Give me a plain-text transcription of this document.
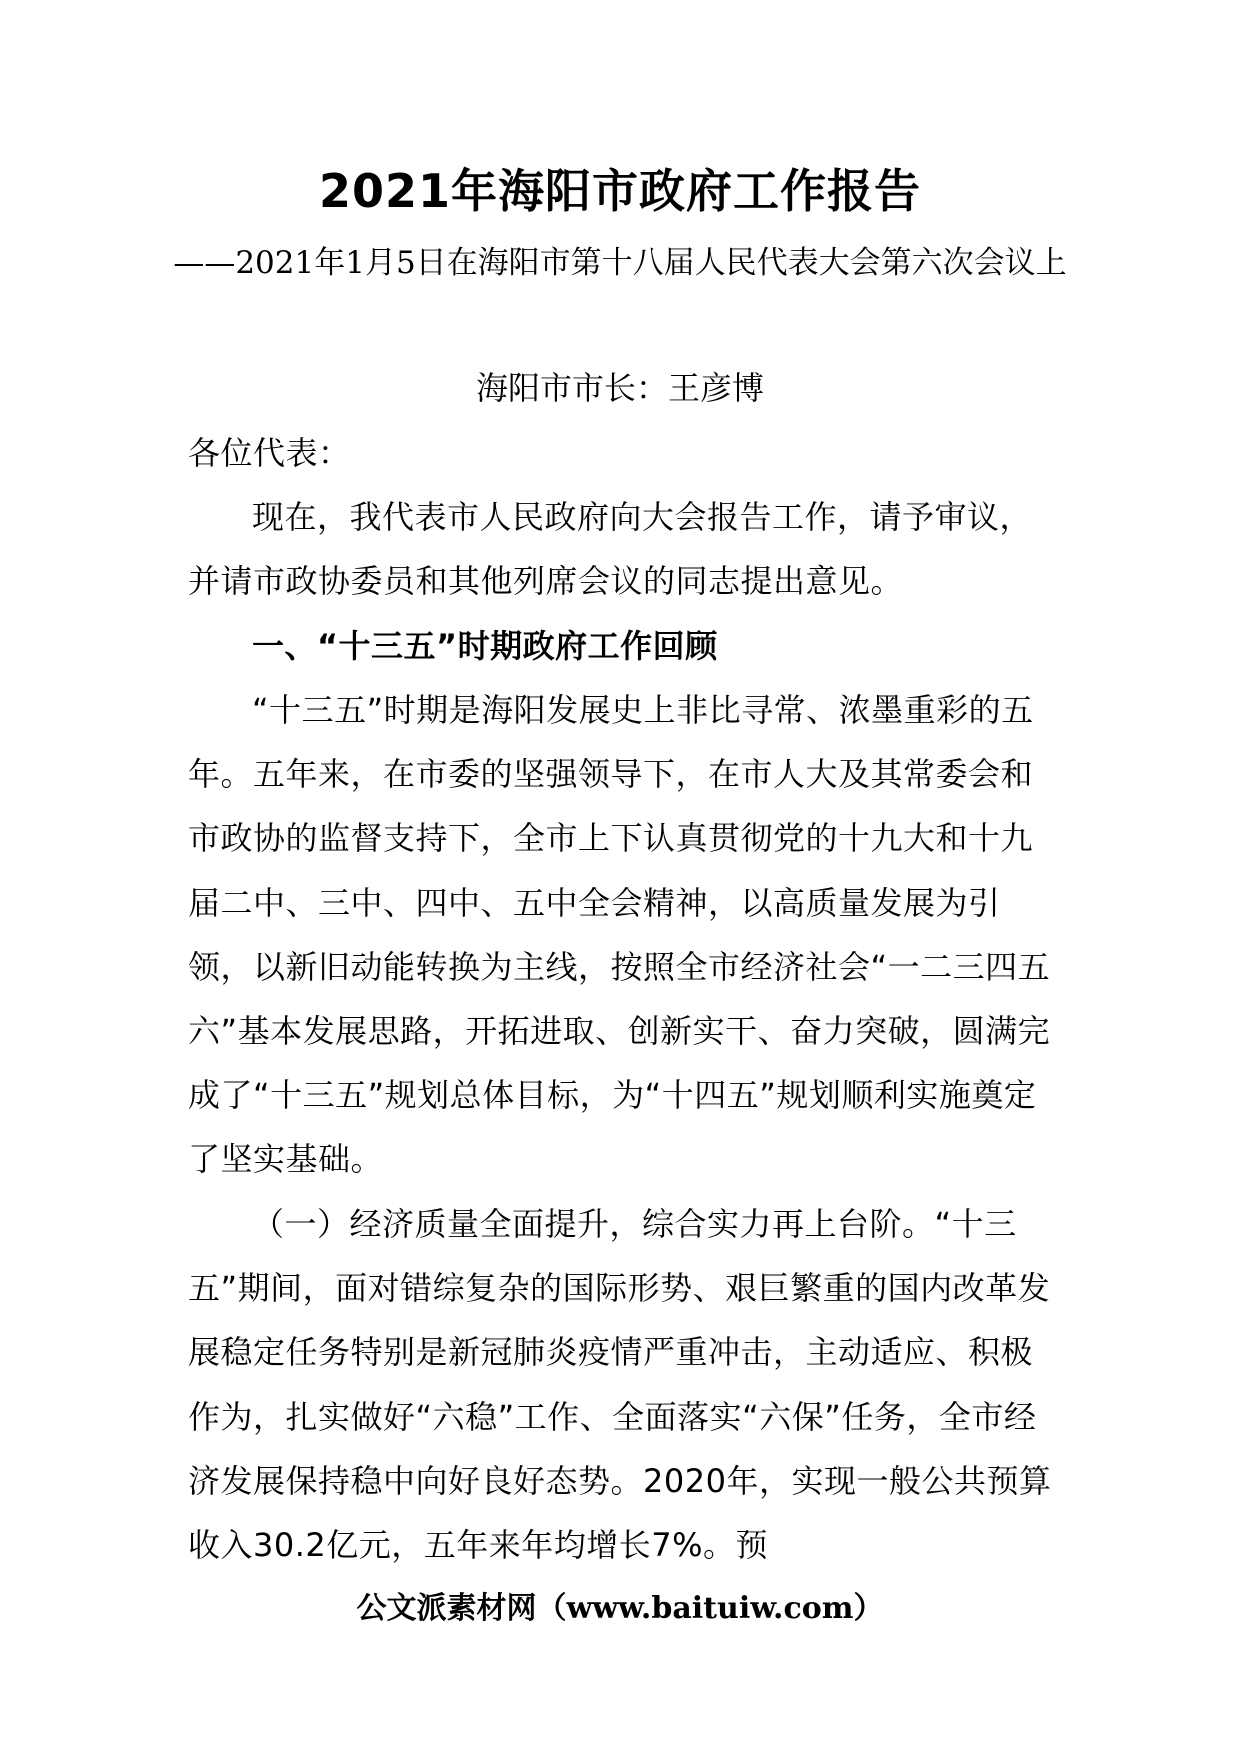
2021年海阳市政府工作报告
——2021年1月5日在海阳市第十八届人民代表大会第六次会议上
海阳市市长：王彦博
各位代表：
现在，我代表市人民政府向大会报告工作，请予审议，并请市政协委员和其他列席会议的同志提出意见。
一、“十三五”时期政府工作回顾
“十三五”时期是海阳发展史上非比寻常、浓墨重彩的五年。五年来，在市委的坚强领导下，在市人大及其常委会和市政协的监督支持下，全市上下认真贯彻党的十九大和十九届二中、三中、四中、五中全会精神，以高质量发展为引领，以新旧动能转换为主线，按照全市经济社会“一二三四五六”基本发展思路，开拓进取、创新实干、奋力突破，圆满完成了“十三五”规划总体目标，为“十四五”规划顺利实施奠定了坚实基础。
（一）经济质量全面提升，综合实力再上台阶。“十三五”期间，面对错综复杂的国际形势、艰巨繁重的国内改革发展稳定任务特别是新冠肺炎疫情严重冲击，主动适应、积极作为，扎实做好“六稳”工作、全面落实“六保”任务，全市经济发展保持稳中向好良好态势。2020年，实现一般公共预算收入30.2亿元，五年来年均增长7%。预
公文派素材网（www.baituiw.com）
